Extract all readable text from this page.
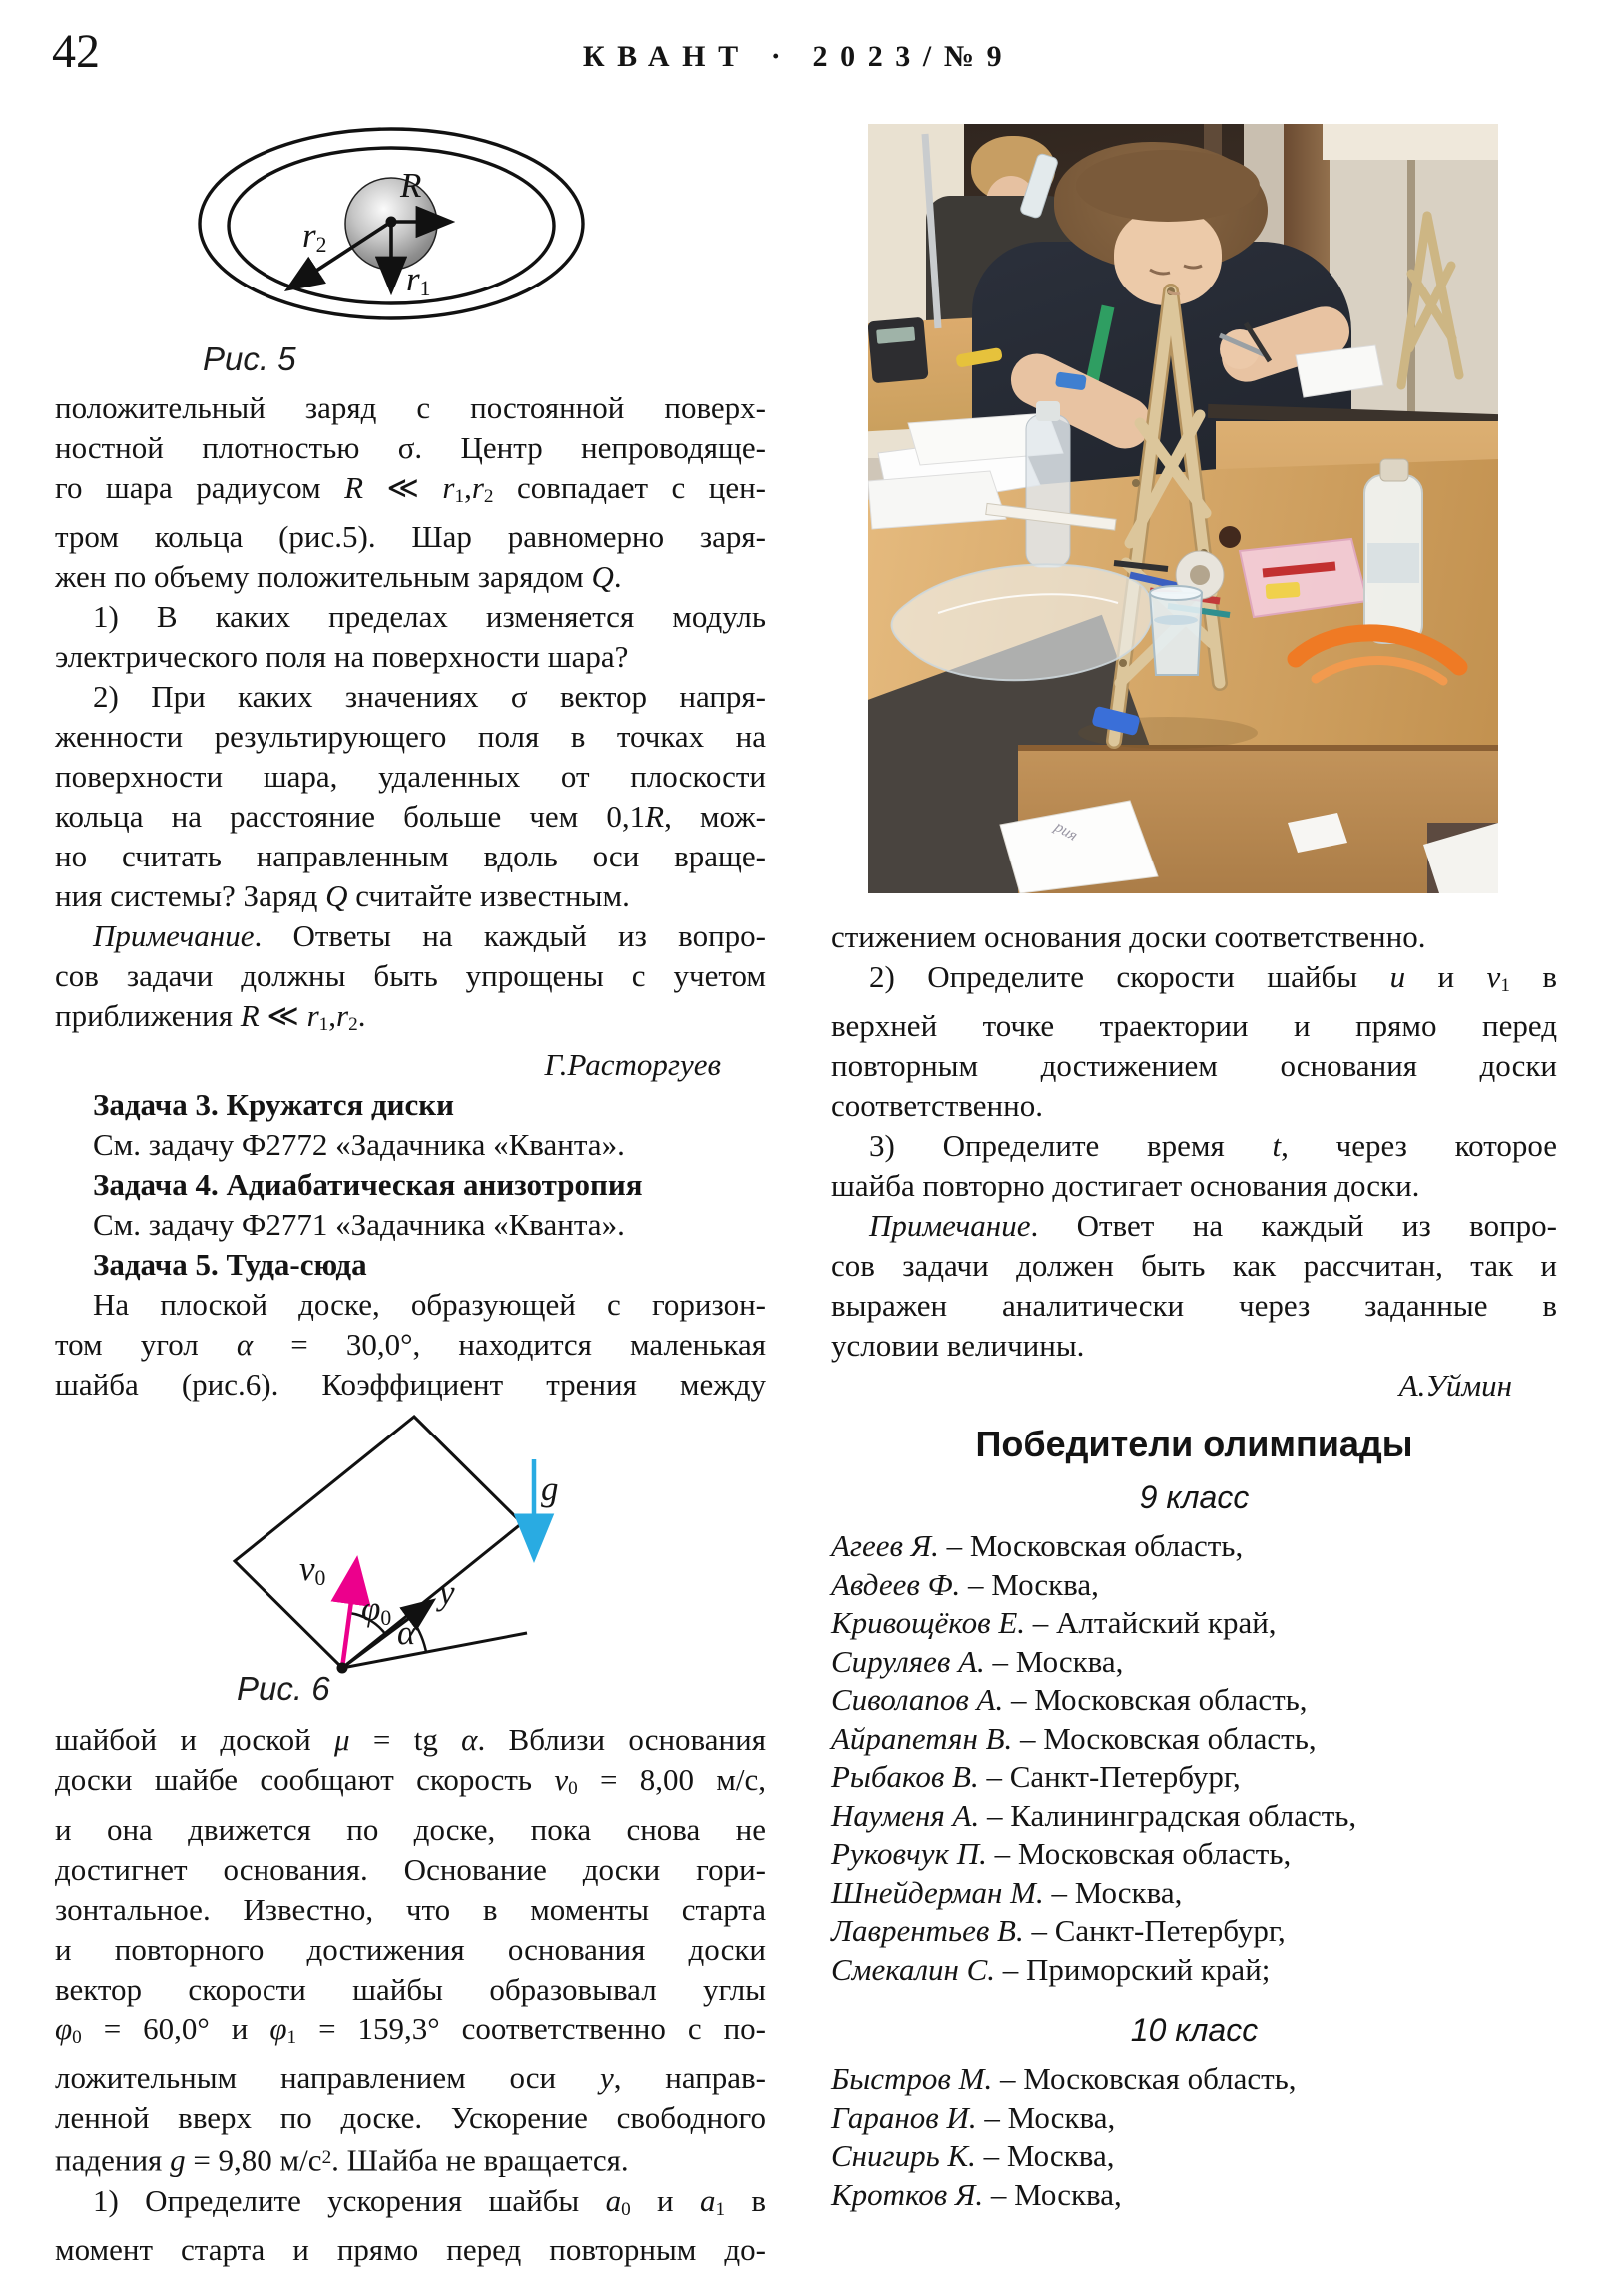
42	КВАНТ · 2023/№9
R
$r_2$
$r_1$
Рис. 5
положительный заряд с постоянной поверх-
ностной плотностью σ. Центр непроводяще-
го шара радиусом R ≪ $r_1,r_2$ совпадает с цен-
тром кольца (рис.5). Шар равномерно заря-
жен по объему положительным зарядом Q.
1) В каких пределах изменяется модуль
электрического поля на поверхности шара?
2) При каких значениях σ вектор напря-
женности результирующего поля в точках на
поверхности шара, удаленных от плоскости
кольца на расстояние больше чем 0,1R, мож-
но считать направленным вдоль оси враще-
ния системы? Заряд Q считайте известным.
Примечание. Ответы на каждый из вопро-
сов задачи должны быть упрощены с учетом
приближения R ≪ $r_1,r_2$.
Г.Расторгуев
Задача 3. Кружатся диски
См. задачу Ф2772 «Задачника «Кванта».
Задача 4. Адиабатическая анизотропия
См. задачу Ф2771 «Задачника «Кванта».
Задача 5. Туда-сюда
На плоской доске, образующей с горизон-
том угол α = 30,0°, находится маленькая
шайба (рис.6). Коэффициент трения между
$v_0$
$\varphi_0$ α
y
g
Рис. 6
шайбой и доской μ = tg α. Вблизи основания
доски шайбе сообщают скорость $v_0 = 8,00$ м/с,
и она движется по доске, пока снова не
достигнет основания. Основание доски гори-
зонтальное. Известно, что в моменты старта
и повторного достижения основания доски
вектор скорости шайбы образовывал углы
$\varphi_0 = 60,0^\circ$ и $\varphi_1 = 159,3^\circ$ соответственно с по-
ложительным направлением оси y, направ-
ленной вверх по доске. Ускорение свободного
падения g = 9,80 $м/с^2$. Шайба не вращается.
1) Определите ускорения шайбы $a_0$ и $a_1$ в
момент старта и прямо перед повторным до-
рия
стижением основания доски соответственно.
2) Определите скорости шайбы u и $v_1$ в
верхней точке траектории и прямо перед
повторным достижением основания доски
соответственно.
3) Определите время t, через которое
шайба повторно достигает основания доски.
Примечание. Ответ на каждый из вопро-
сов задачи должен быть как рассчитан, так и
выражен аналитически через заданные в
условии величины.
А.Уймин
Победители олимпиады
9 класс
Агеев Я. – Московская область,
Авдеев Ф. – Москва,
Кривощёков Е. – Алтайский край,
Сируляев А. – Москва,
Сиволапов А. – Московская область,
Айрапетян В. – Московская область,
Рыбаков В. – Санкт-Петербург,
Науменя А. – Калининградская область,
Руковчук П. – Московская область,
Шнейдерман М. – Москва,
Лаврентьев В. – Санкт-Петербург,
Смекалин С. – Приморский край;
10 класс
Быстров М. – Московская область,
Гаранов И. – Москва,
Снигирь К. – Москва,
Кротков Я. – Москва,
